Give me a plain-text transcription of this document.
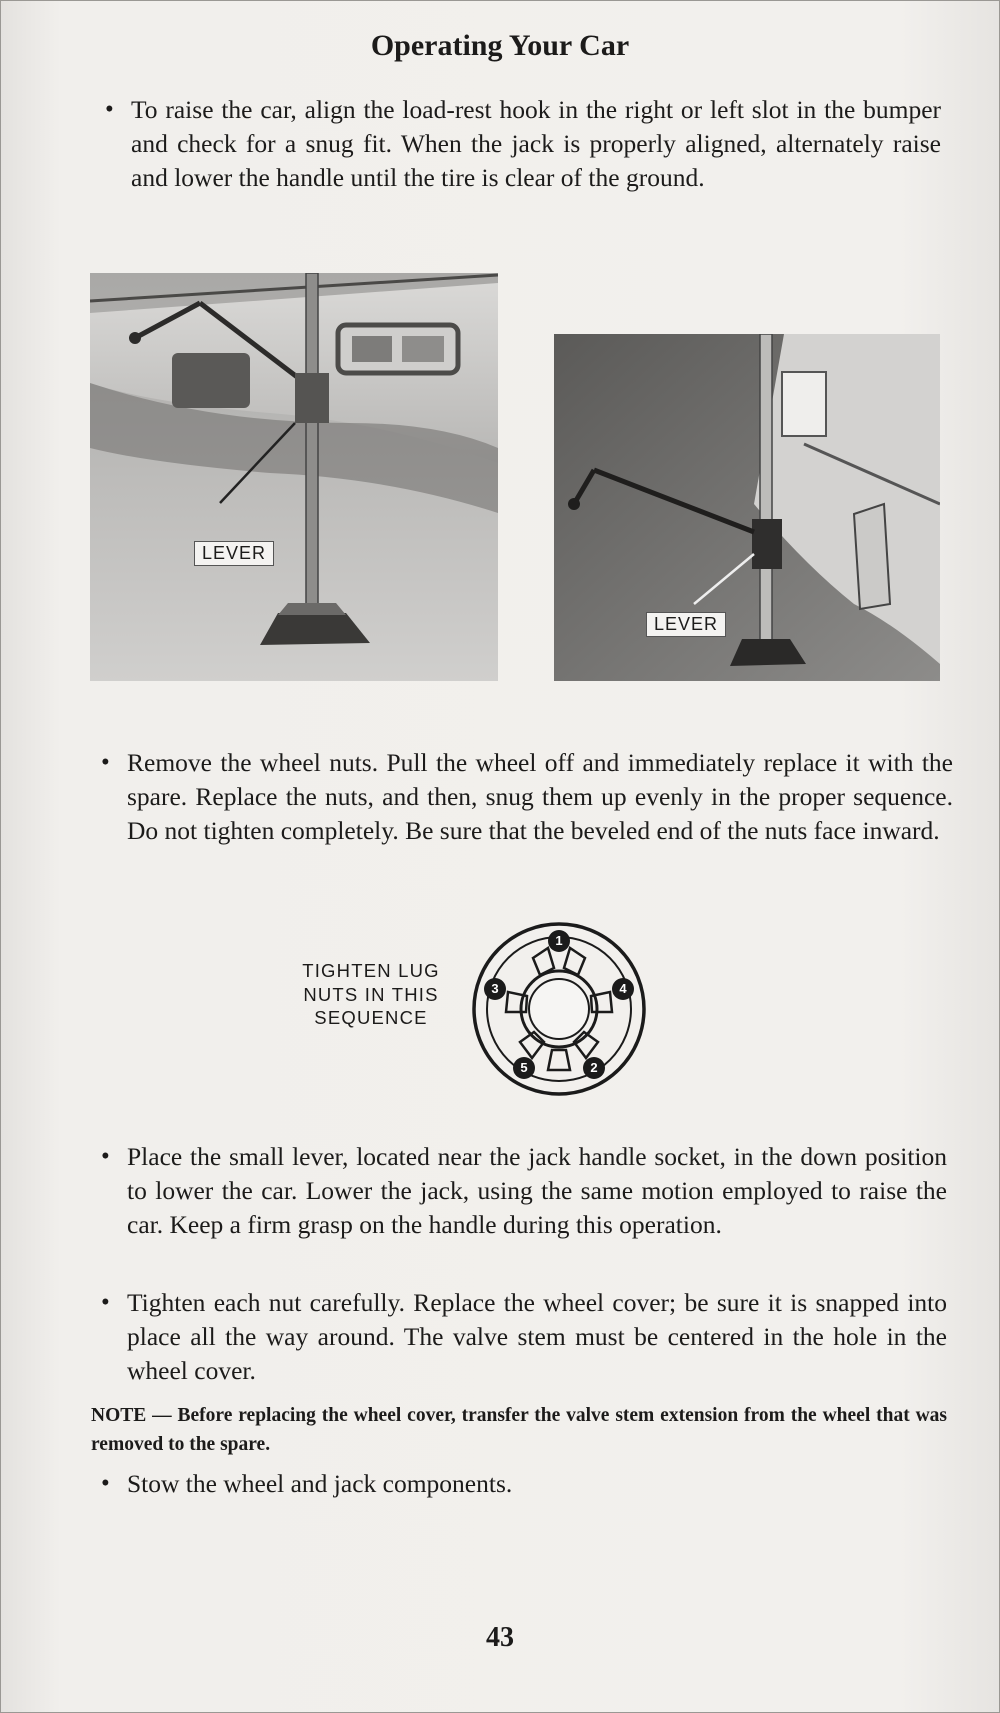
Operating Your Car
• To raise the car, align the load-rest hook in the right or left slot in the bumper and check for a snug fit. When the jack is properly aligned, alternately raise and lower the handle until the tire is clear of the ground.
LEVER
LEVER
• Remove the wheel nuts. Pull the wheel off and immediately replace it with the spare. Replace the nuts, and then, snug them up evenly in the proper sequence. Do not tighten completely. Be sure that the beveled end of the nuts face inward.
TIGHTEN LUG NUTS IN THIS SEQUENCE
1
2
3	4
5
• Place the small lever, located near the jack handle socket, in the down position to lower the car. Lower the jack, using the same motion employed to raise the car. Keep a firm grasp on the handle during this operation.
• Tighten each nut carefully. Replace the wheel cover; be sure it is snapped into place all the way around. The valve stem must be centered in the hole in the wheel cover.
NOTE — Before replacing the wheel cover, transfer the valve stem extension from the wheel that was removed to the spare.
• Stow the wheel and jack components.
43
